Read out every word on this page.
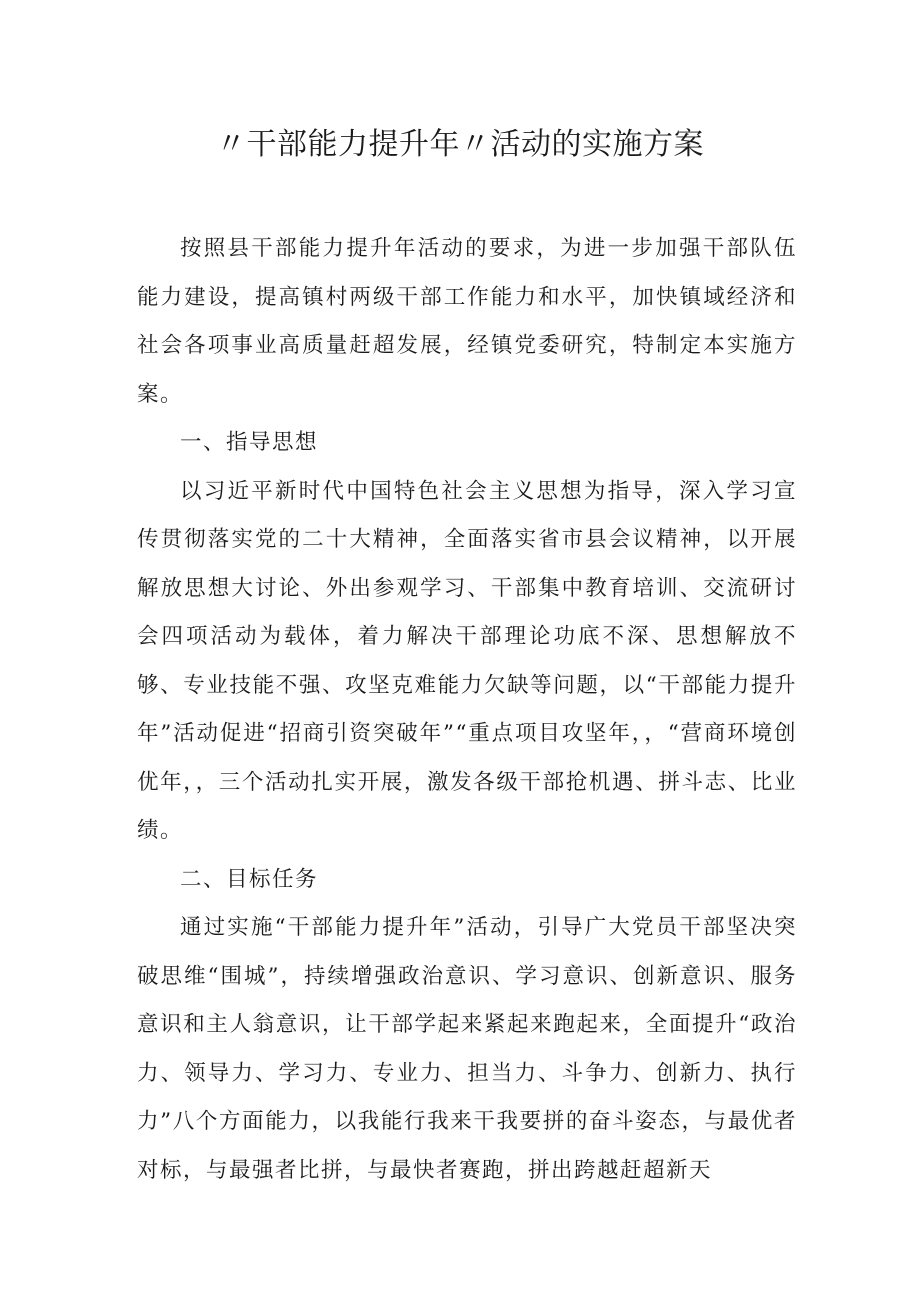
〃干部能力提升年〃活动的实施方案

按照县干部能力提升年活动的要求，为进一步加强干部队伍能力建设，提高镇村两级干部工作能力和水平，加快镇域经济和社会各项事业高质量赶超发展，经镇党委研究，特制定本实施方案。

一、指导思想

以习近平新时代中国特色社会主义思想为指导，深入学习宣传贯彻落实党的二十大精神，全面落实省市县会议精神，以开展解放思想大讨论、外出参观学习、干部集中教育培训、交流研讨会四项活动为载体，着力解决干部理论功底不深、思想解放不够、专业技能不强、攻坚克难能力欠缺等问题，以“干部能力提升年”活动促进“招商引资突破年”“重点项目攻坚年，，“营商环境创优年，，三个活动扎实开展，激发各级干部抢机遇、拼斗志、比业绩。

二、目标任务

通过实施“干部能力提升年”活动，引导广大党员干部坚决突破思维“围城”，持续增强政治意识、学习意识、创新意识、服务意识和主人翁意识，让干部学起来紧起来跑起来，全面提升“政治力、领导力、学习力、专业力、担当力、斗争力、创新力、执行力”八个方面能力，以我能行我来干我要拼的奋斗姿态，与最优者对标，与最强者比拼，与最快者赛跑，拼出跨越赶超新天
